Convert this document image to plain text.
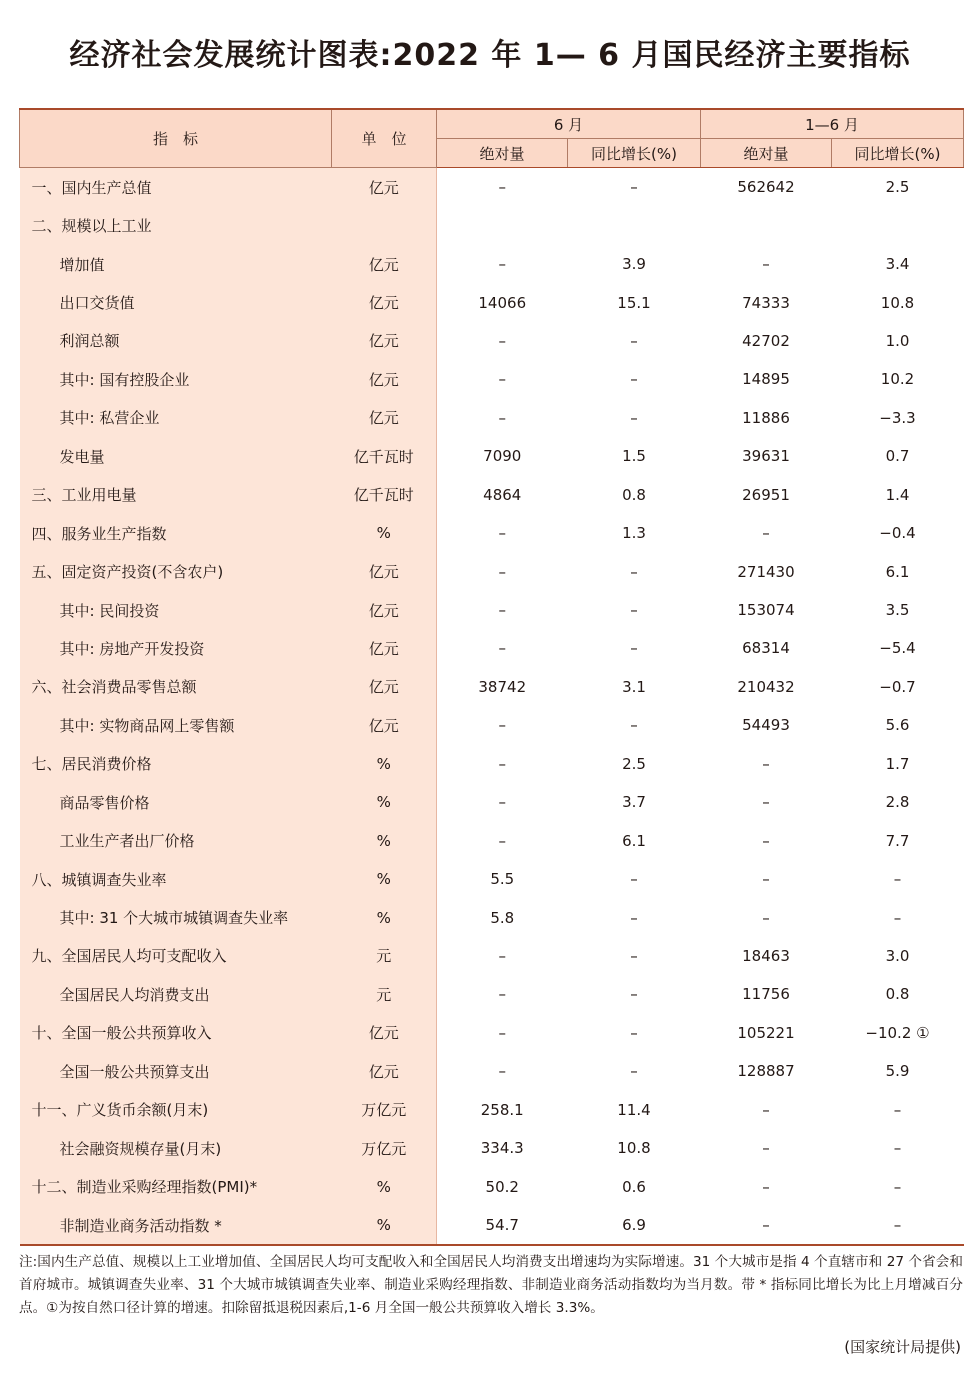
经济社会发展统计图表:2022 年 1— 6 月国民经济主要指标
指　标	单　位	6 月		1—6 月	
		绝对量	同比增长(%)	绝对量	同比增长(%)
一、国内生产总值	亿元	–	–	562642	2.5
二、规模以上工业					
增加值	亿元	–	3.9	–	3.4
出口交货值	亿元	14066	15.1	74333	10.8
利润总额	亿元	–	–	42702	1.0
其中: 国有控股企业	亿元	–	–	14895	10.2
其中: 私营企业	亿元	–	–	11886	−3.3
发电量	亿千瓦时	7090	1.5	39631	0.7
三、工业用电量	亿千瓦时	4864	0.8	26951	1.4
四、服务业生产指数	%	–	1.3	–	−0.4
五、固定资产投资(不含农户)	亿元	–	–	271430	6.1
其中: 民间投资	亿元	–	–	153074	3.5
其中: 房地产开发投资	亿元	–	–	68314	−5.4
六、社会消费品零售总额	亿元	38742	3.1	210432	−0.7
其中: 实物商品网上零售额	亿元	–	–	54493	5.6
七、居民消费价格	%	–	2.5	–	1.7
商品零售价格	%	–	3.7	–	2.8
工业生产者出厂价格	%	–	6.1	–	7.7
八、城镇调查失业率	%	5.5	–	–	–
其中: 31 个大城市城镇调查失业率	%	5.8	–	–	–
九、全国居民人均可支配收入	元	–	–	18463	3.0
全国居民人均消费支出	元	–	–	11756	0.8
十、全国一般公共预算收入	亿元	–	–	105221	−10.2 ①
全国一般公共预算支出	亿元	–	–	128887	5.9
十一、广义货币余额(月末)	万亿元	258.1	11.4	–	–
社会融资规模存量(月末)	万亿元	334.3	10.8	–	–
十二、制造业采购经理指数(PMI)*	%	50.2	0.6	–	–
非制造业商务活动指数 *	%	54.7	6.9	–	–

注:国内生产总值、规模以上工业增加值、全国居民人均可支配收入和全国居民人均消费支出增速均为实际增速。31 个大城市是指 4 个直辖市和 27 个省会和首府城市。城镇调查失业率、31 个大城市城镇调查失业率、制造业采购经理指数、非制造业商务活动指数均为当月数。带 * 指标同比增长为比上月增减百分点。①为按自然口径计算的增速。扣除留抵退税因素后,1-6 月全国一般公共预算收入增长 3.3%。

(国家统计局提供)
